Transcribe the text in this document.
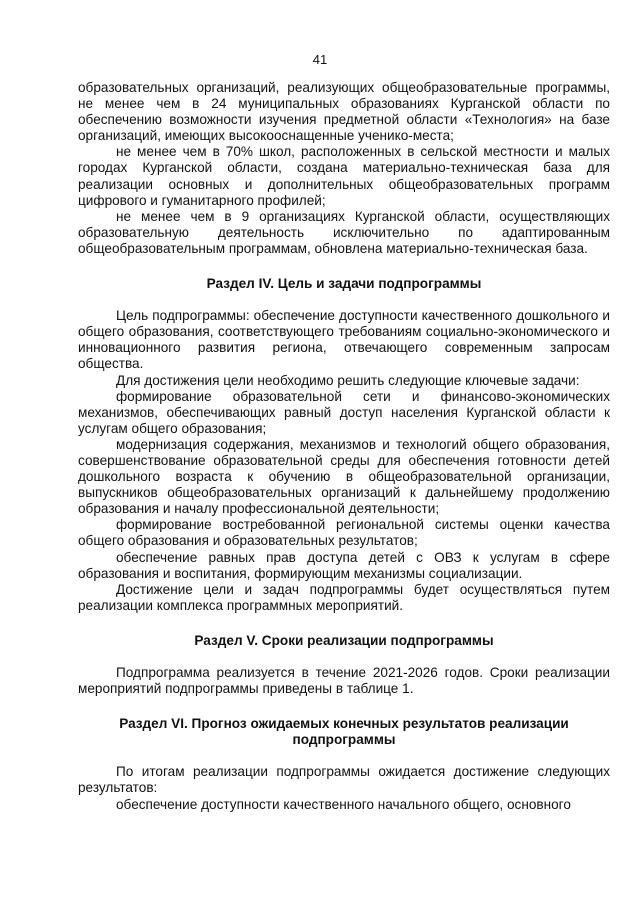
41

образовательных организаций, реализующих общеобразовательные программы, не менее чем в 24 муниципальных образованиях Курганской области по обеспечению возможности изучения предметной области «Технология» на базе организаций, имеющих высокооснащенные ученико-места;

не менее чем в 70% школ, расположенных в сельской местности и малых городах Курганской области, создана материально-техническая база для реализации основных и дополнительных общеобразовательных программ цифрового и гуманитарного профилей;

не менее чем в 9 организациях Курганской области, осуществляющих образовательную деятельность исключительно по адаптированным общеобразовательным программам, обновлена материально-техническая база.

Раздел IV. Цель и задачи подпрограммы

Цель подпрограммы: обеспечение доступности качественного дошкольного и общего образования, соответствующего требованиям социально-экономического и инновационного развития региона, отвечающего современным запросам общества.

Для достижения цели необходимо решить следующие ключевые задачи:

формирование образовательной сети и финансово-экономических механизмов, обеспечивающих равный доступ населения Курганской области к услугам общего образования;

модернизация содержания, механизмов и технологий общего образования, совершенствование образовательной среды для обеспечения готовности детей дошкольного возраста к обучению в общеобразовательной организации, выпускников общеобразовательных организаций к дальнейшему продолжению образования и началу профессиональной деятельности;

формирование востребованной региональной системы оценки качества общего образования и образовательных результатов;

обеспечение равных прав доступа детей с ОВЗ к услугам в сфере образования и воспитания, формирующим механизмы социализации.

Достижение цели и задач подпрограммы будет осуществляться путем реализации комплекса программных мероприятий.

Раздел V. Сроки реализации подпрограммы

Подпрограмма реализуется в течение 2021-2026 годов. Сроки реализации мероприятий подпрограммы приведены в таблице 1.

Раздел VI. Прогноз ожидаемых конечных результатов реализации подпрограммы

По итогам реализации подпрограммы ожидается достижение следующих результатов:

обеспечение доступности качественного начального общего, основного
